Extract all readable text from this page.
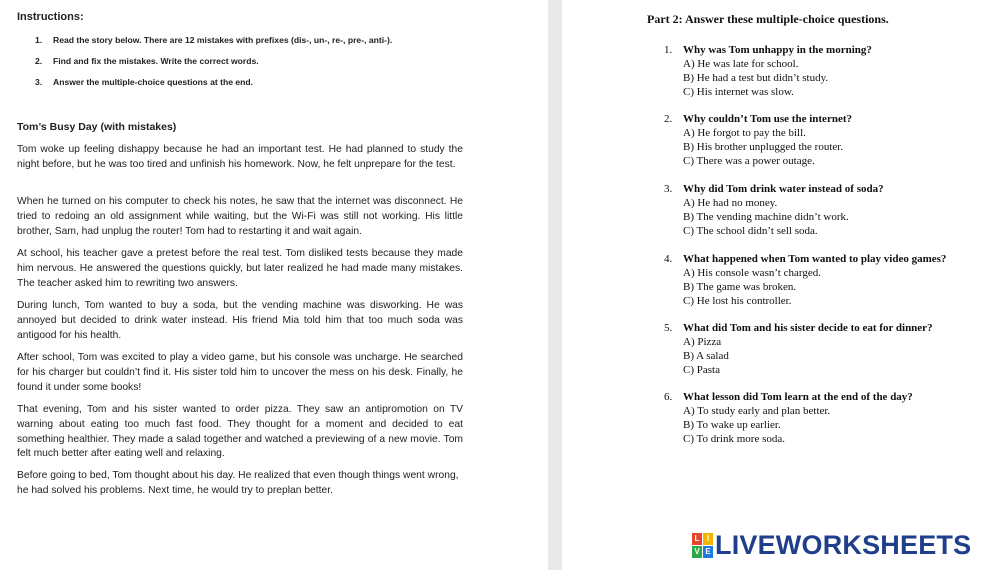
Instructions:
1. Read the story below. There are 12 mistakes with prefixes (dis-, un-, re-, pre-, anti-).
2. Find and fix the mistakes. Write the correct words.
3. Answer the multiple-choice questions at the end.
Tom’s Busy Day (with mistakes)

Tom woke up feeling dishappy because he had an important test. He had planned to study the night before, but he was too tired and unfinish his homework. Now, he felt unprepare for the test.

When he turned on his computer to check his notes, he saw that the internet was disconnect. He tried to redoing an old assignment while waiting, but the Wi-Fi was still not working. His little brother, Sam, had unplug the router! Tom had to restarting it and wait again.

At school, his teacher gave a pretest before the real test. Tom disliked tests because they made him nervous. He answered the questions quickly, but later realized he had made many mistakes. The teacher asked him to rewriting two answers.

During lunch, Tom wanted to buy a soda, but the vending machine was disworking. He was annoyed but decided to drink water instead. His friend Mia told him that too much soda was antigood for his health.

After school, Tom was excited to play a video game, but his console was uncharge. He searched for his charger but couldn’t find it. His sister told him to uncover the mess on his desk. Finally, he found it under some books!

That evening, Tom and his sister wanted to order pizza. They saw an antipromotion on TV warning about eating too much fast food. They thought for a moment and decided to eat something healthier. They made a salad together and watched a previewing of a new movie. Tom felt much better after eating well and relaxing.

Before going to bed, Tom thought about his day. He realized that even though things went wrong, he had solved his problems. Next time, he would try to preplan better.

Part 2: Answer these multiple-choice questions.
1. Why was Tom unhappy in the morning?
A) He was late for school.
B) He had a test but didn’t study.
C) His internet was slow.
2. Why couldn’t Tom use the internet?
A) He forgot to pay the bill.
B) His brother unplugged the router.
C) There was a power outage.
3. Why did Tom drink water instead of soda?
A) He had no money.
B) The vending machine didn’t work.
C) The school didn’t sell soda.
4. What happened when Tom wanted to play video games?
A) His console wasn’t charged.
B) The game was broken.
C) He lost his controller.
5. What did Tom and his sister decide to eat for dinner?
A) Pizza
B) A salad
C) Pasta
6. What lesson did Tom learn at the end of the day?
A) To study early and plan better.
B) To wake up earlier.
C) To drink more soda.
L I
V E LIVEWORKSHEETS
